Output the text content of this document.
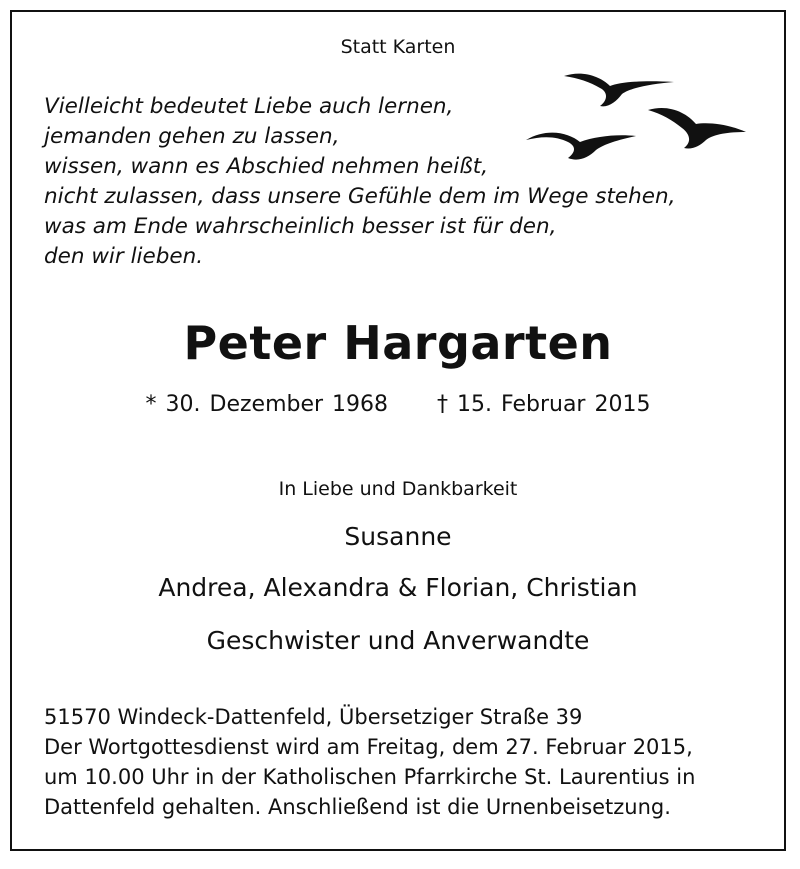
Statt Karten
Vielleicht bedeutet Liebe auch lernen,
jemanden gehen zu lassen,
wissen, wann es Abschied nehmen heißt,
nicht zulassen, dass unsere Gefühle dem im Wege stehen,
was am Ende wahrscheinlich besser ist für den,
den wir lieben.
Peter Hargarten
* 30. Dezember 1968 † 15. Februar 2015
In Liebe und Dankbarkeit
Susanne
Andrea, Alexandra & Florian, Christian
Geschwister und Anverwandte
51570 Windeck-Dattenfeld, Übersetziger Straße 39
Der Wortgottesdienst wird am Freitag, dem 27. Februar 2015,
um 10.00 Uhr in der Katholischen Pfarrkirche St. Laurentius in
Dattenfeld gehalten. Anschließend ist die Urnenbeisetzung.
